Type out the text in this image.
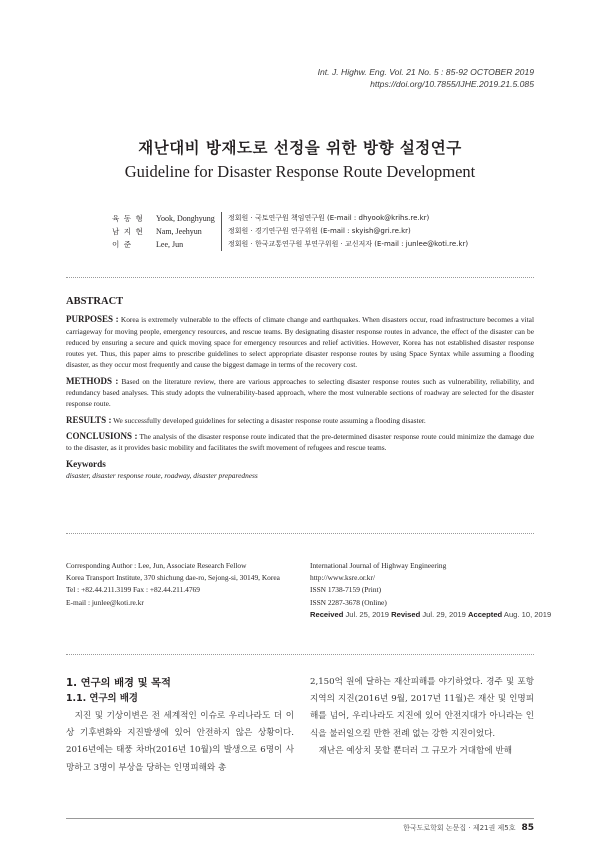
Int. J. Highw. Eng. Vol. 21 No. 5 : 85-92 OCTOBER 2019
https://doi.org/10.7855/IJHE.2019.21.5.085
재난대비 방재도로 선정을 위한 방향 설정연구
Guideline for Disaster Response Route Development
육 동 형 Yook, Donghyung 정회원 · 국토연구원 책임연구원 (E-mail : dhyook@krihs.re.kr)
남 지 현 Nam, Jeehyun	정회원 · 경기연구원 연구위원 (E-mail : skyish@gri.re.kr)
이 준	Lee, Jun	정회원 · 한국교통연구원 부연구위원 · 교신저자 (E-mail : junlee@koti.re.kr)
ABSTRACT

PURPOSES : Korea is extremely vulnerable to the effects of climate change and earthquakes. When disasters occur, road infrastructure becomes a vital carriageway for moving people, emergency resources, and rescue teams. By designating disaster response routes in advance, the effect of the disaster can be reduced by ensuring a secure and quick moving space for emergency resources and relief activities. However, Korea has not established disaster response routes yet. Thus, this paper aims to prescribe guidelines to select appropriate disaster response routes by using Space Syntax while assuming a flooding disaster, as they occur most frequently and cause the biggest damage in terms of the recovery cost.

METHODS : Based on the literature review, there are various approaches to selecting disaster response routes such as vulnerability, reliability, and redundancy based analyses. This study adopts the vulnerability-based approach, where the most vulnerable sections of roadway are selected for the disaster response route.

RESULTS : We successfully developed guidelines for selecting a disaster response route assuming a flooding disaster.

CONCLUSIONS : The analysis of the disaster response route indicated that the pre-determined disaster response route could minimize the damage due to the disaster, as it provides basic mobility and facilitates the swift movement of refugees and rescue teams.

Keywords
disaster, disaster response route, roadway, disaster preparedness
Corresponding Author : Lee, Jun, Associate Research Fellow
Korea Transport Institute, 370 shichung dae-ro, Sejong-si, 30149, Korea
Tel : +82.44.211.3199 Fax : +82.44.211.4769
E-mail : junlee@koti.re.kr
International Journal of Highway Engineering
http://www.ksre.or.kr/
ISSN 1738-7159 (Print)
ISSN 2287-3678 (Online)
Received Jul. 25, 2019 Revised Jul. 29, 2019 Accepted Aug. 10, 2019
1. 연구의 배경 및 목적
1.1. 연구의 배경
지진 및 기상이변은 전 세계적인 이슈로 우리나라도 더 이상 기후변화와 지진발생에 있어 안전하지 않은 상황이다. 2016년에는 태풍 차바(2016년 10월)의 발생으로 6명이 사망하고 3명이 부상을 당하는 인명피해와 총
2,150억 원에 달하는 재산피해를 야기하였다. 경주 및 포항지역의 지진(2016년 9월, 2017년 11월)은 재산 및 인명피해를 넘어, 우리나라도 지진에 있어 안전지대가 아니라는 인식을 불러일으킬 만한 전례 없는 강한 지진이었다.
재난은 예상치 못할 뿐더러 그 규모가 거대함에 반해
한국도로학회 논문집 · 제21권 제5호 85
